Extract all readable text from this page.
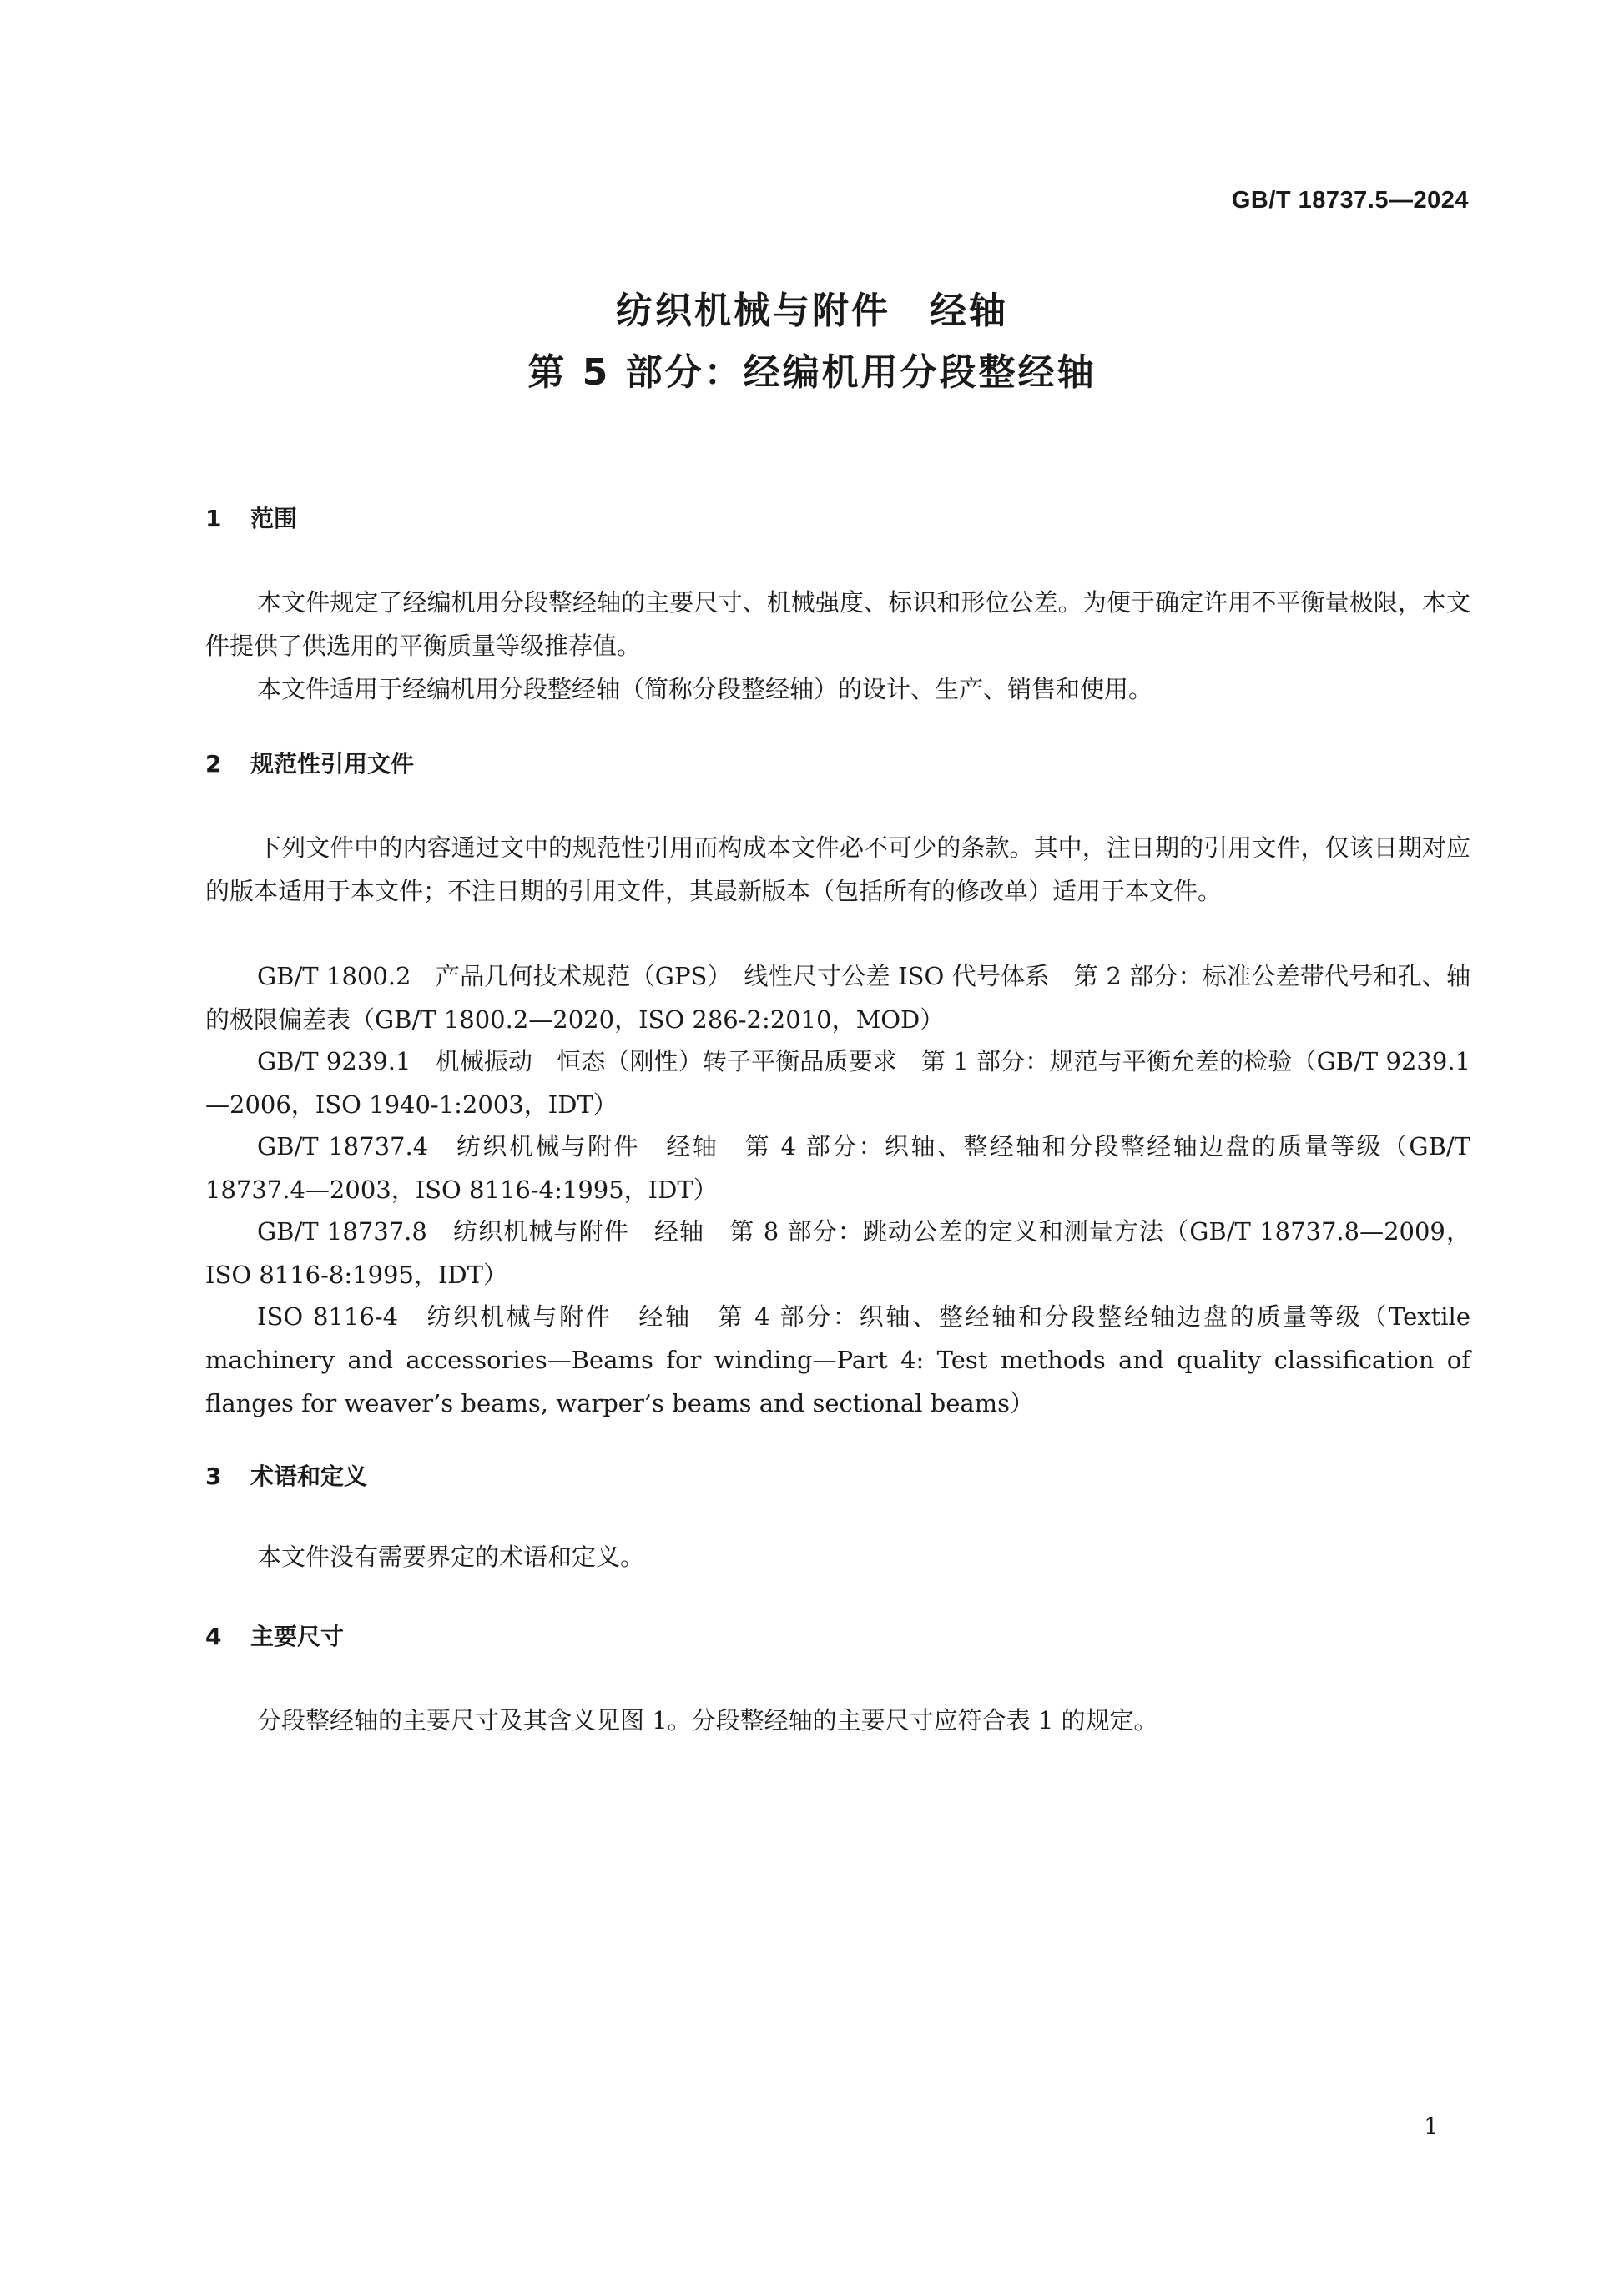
GB/T 18737.5—2024
纺织机械与附件　经轴
第 5 部分：经编机用分段整经轴
1 范围
本文件规定了经编机用分段整经轴的主要尺寸、机械强度、标识和形位公差。为便于确定许用不平衡量极限，本文件提供了供选用的平衡质量等级推荐值。
本文件适用于经编机用分段整经轴（简称分段整经轴）的设计、生产、销售和使用。
2 规范性引用文件
下列文件中的内容通过文中的规范性引用而构成本文件必不可少的条款。其中，注日期的引用文件，仅该日期对应的版本适用于本文件；不注日期的引用文件，其最新版本（包括所有的修改单）适用于本文件。
GB/T 1800.2　产品几何技术规范（GPS）　线性尺寸公差 ISO 代号体系　第 2 部分：标准公差带代号和孔、轴的极限偏差表（GB/T 1800.2—2020，ISO 286-2:2010，MOD）
GB/T 9239.1　机械振动　恒态（刚性）转子平衡品质要求　第 1 部分：规范与平衡允差的检验（GB/T 9239.1—2006，ISO 1940-1:2003，IDT）
GB/T 18737.4　纺织机械与附件　经轴　第 4 部分：织轴、整经轴和分段整经轴边盘的质量等级（GB/T 18737.4—2003，ISO 8116-4:1995，IDT）
GB/T 18737.8　纺织机械与附件　经轴　第 8 部分：跳动公差的定义和测量方法（GB/T 18737.8—2009，ISO 8116-8:1995，IDT）
ISO 8116-4　纺织机械与附件　经轴　第 4 部分：织轴、整经轴和分段整经轴边盘的质量等级（Textile machinery and accessories—Beams for winding—Part 4: Test methods and quality classification of flanges for weaver’s beams, warper’s beams and sectional beams）
3 术语和定义
本文件没有需要界定的术语和定义。
4 主要尺寸
分段整经轴的主要尺寸及其含义见图 1。分段整经轴的主要尺寸应符合表 1 的规定。
1
